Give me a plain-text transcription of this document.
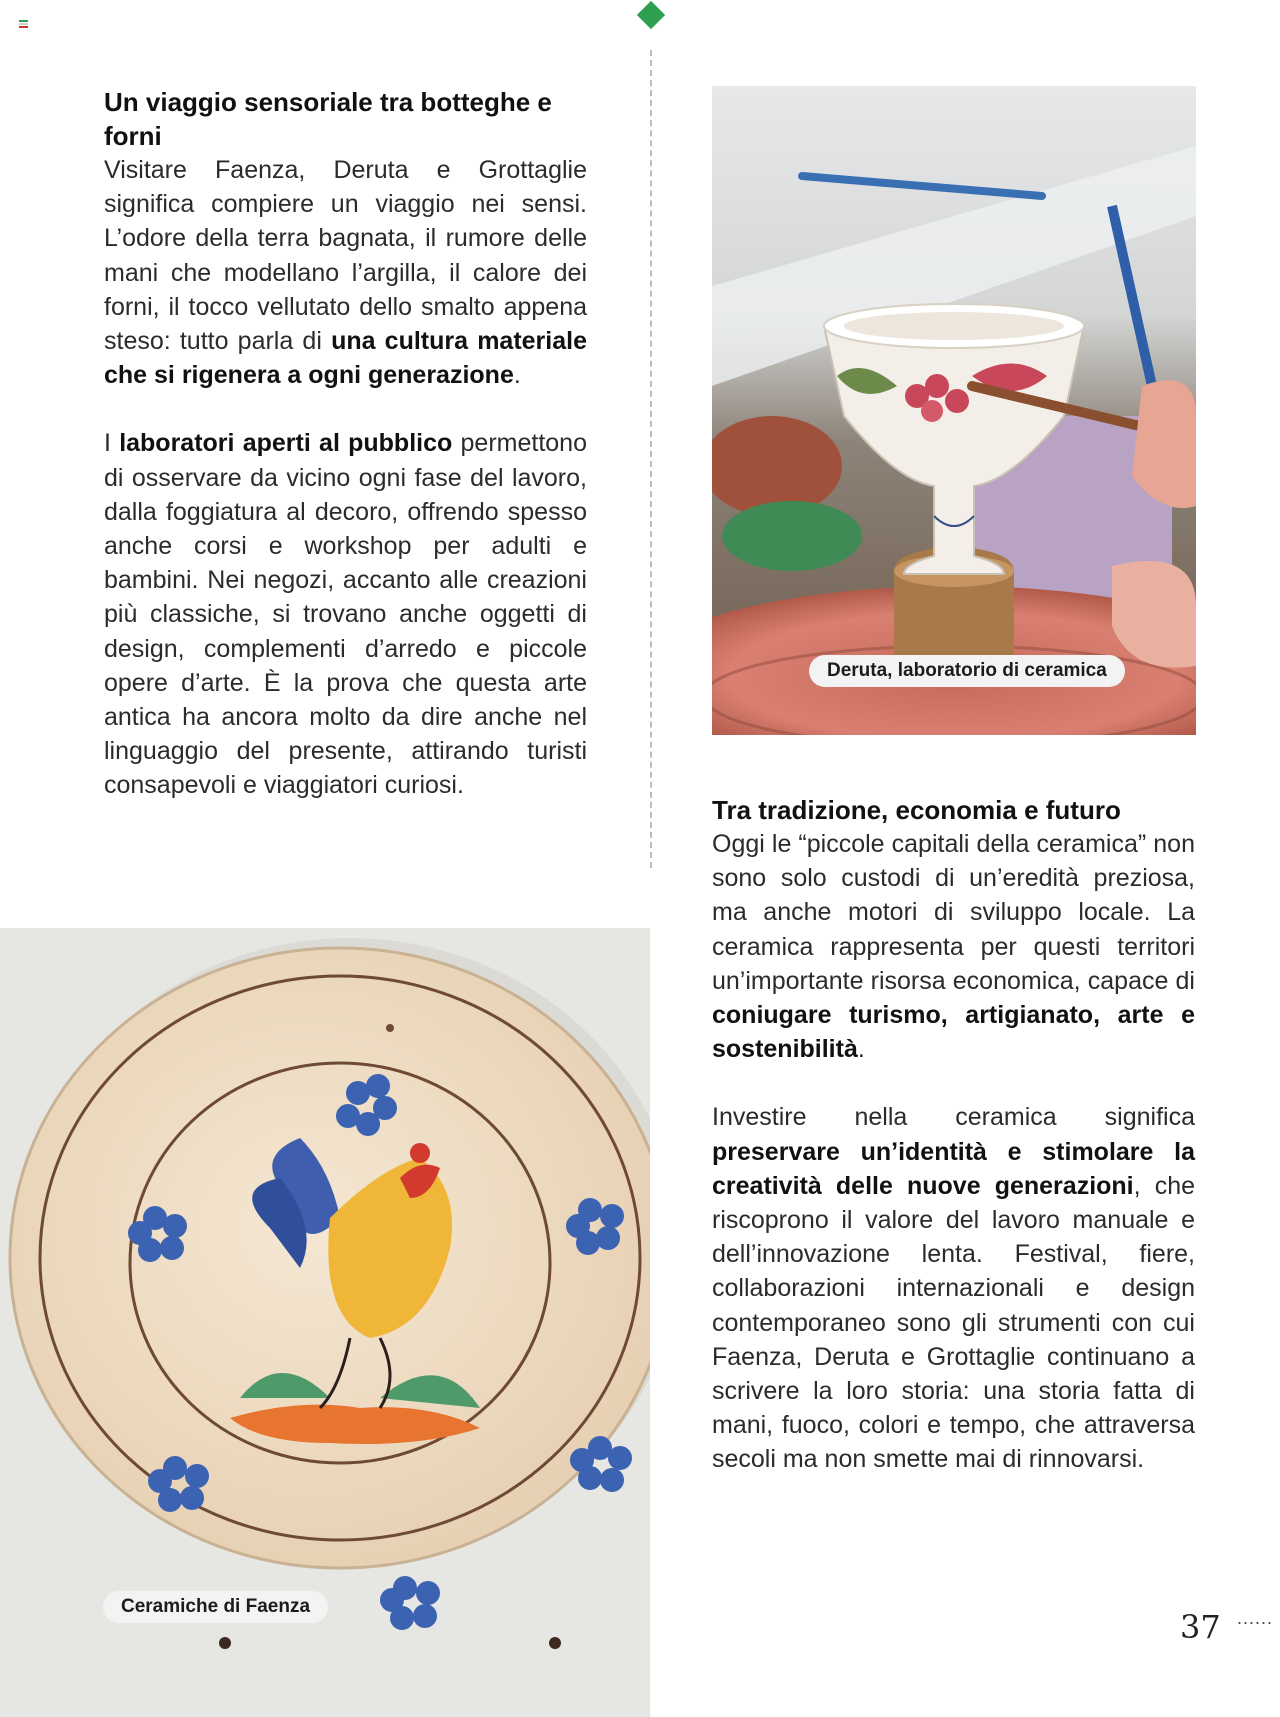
Un viaggio sensoriale tra botteghe e forni

Visitare Faenza, Deruta e Grottaglie significa compiere un viaggio nei sensi. L’odore della terra bagnata, il rumore delle mani che modellano l’argilla, il calore dei forni, il tocco vellutato dello smalto appena steso: tutto parla di una cultura materiale che si rigenera a ogni generazione.

I laboratori aperti al pubblico permettono di osservare da vicino ogni fase del lavoro, dalla foggiatura al decoro, offrendo spesso anche corsi e workshop per adulti e bambini. Nei negozi, accanto alle creazioni più classiche, si trovano anche oggetti di design, complementi d’arredo e piccole opere d’arte. È la prova che questa arte antica ha ancora molto da dire anche nel linguaggio del presente, attirando turisti consapevoli e viaggiatori curiosi.

Deruta, laboratorio di ceramica
Tra tradizione, economia e futuro

Oggi le “piccole capitali della ceramica” non sono solo custodi di un’eredità preziosa, ma anche motori di sviluppo locale. La ceramica rappresenta per questi territori un’importante risorsa economica, capace di coniugare turismo, artigianato, arte e sostenibilità.

Investire nella ceramica significa preservare un’identità e stimolare la creatività delle nuove generazioni, che riscoprono il valore del lavoro manuale e dell’innovazione lenta. Festival, fiere, collaborazioni internazionali e design contemporaneo sono gli strumenti con cui Faenza, Deruta e Grottaglie continuano a scrivere la loro storia: una storia fatta di mani, fuoco, colori e tempo, che attraversa secoli ma non smette mai di rinnovarsi.

Ceramiche di Faenza
37 ......
